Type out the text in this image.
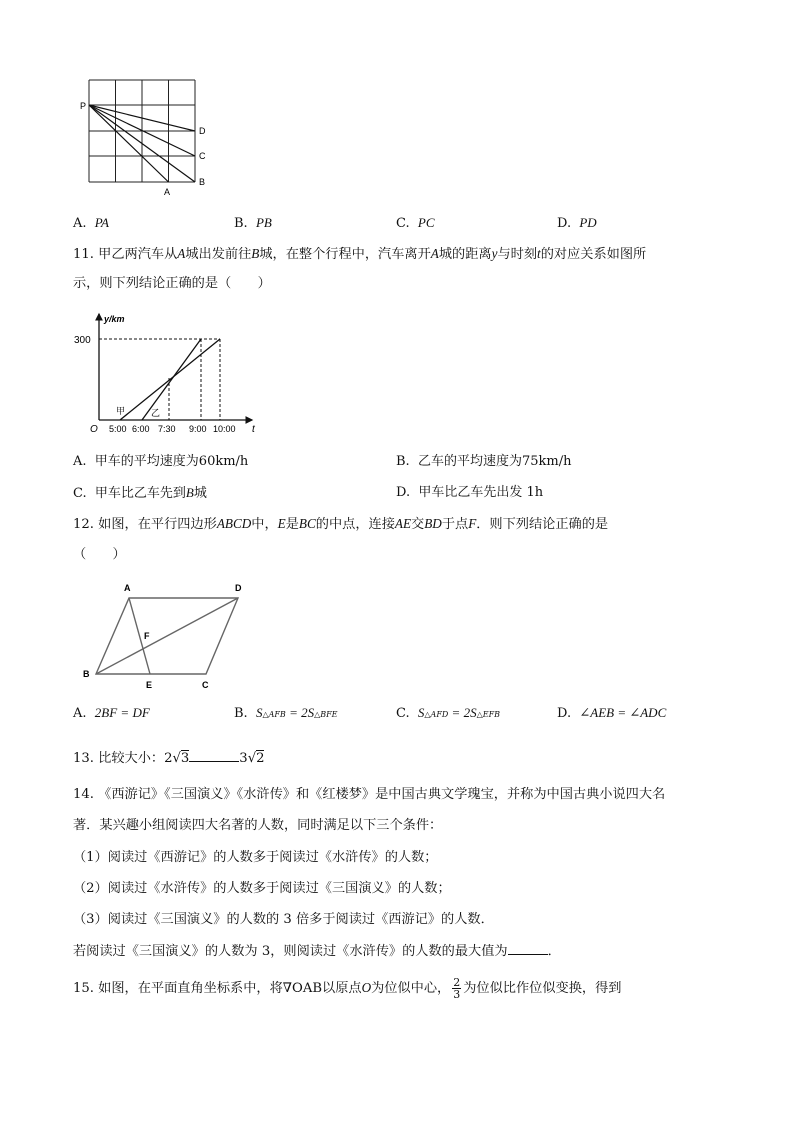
P
D
C
B
A
A. PA	B. PB	C. PC	D. PD
11. 甲乙两汽车从A城出发前往B城，在整个行程中，汽车离开A城的距离y与时刻t的对应关系如图所
示，则下列结论正确的是（　　）
y/km
300
O	t
5:00 6:00 7:30 9:00 10:00
甲	乙
A. 甲车的平均速度为60km/h	B. 乙车的平均速度为75km/h
C. 甲车比乙车先到B城	D. 甲车比乙车先出发 1h
12. 如图，在平行四边形ABCD中，E是BC的中点，连接AE交BD于点F．则下列结论正确的是
（　　）
A	D
F
B
E	C
A. 2BF = DF	B. S△AFB = 2S△BFE	C. S△AFD = 2S△EFB	D. ∠AEB = ∠ADC
13. 比较大小：2√3	3√2
14. 《西游记》《三国演义》《水浒传》和《红楼梦》是中国古典文学瑰宝，并称为中国古典小说四大名
著．某兴趣小组阅读四大名著的人数，同时满足以下三个条件：
（1）阅读过《西游记》的人数多于阅读过《水浒传》的人数；
（2）阅读过《水浒传》的人数多于阅读过《三国演义》的人数；
（3）阅读过《三国演义》的人数的 3 倍多于阅读过《西游记》的人数．
若阅读过《三国演义》的人数为 3，则阅读过《水浒传》的人数的最大值为	．
15. 如图，在平面直角坐标系中，将∇OAB以原点O为位似中心， $\frac{2}{3}$ 为位似比作位似变换，得到
